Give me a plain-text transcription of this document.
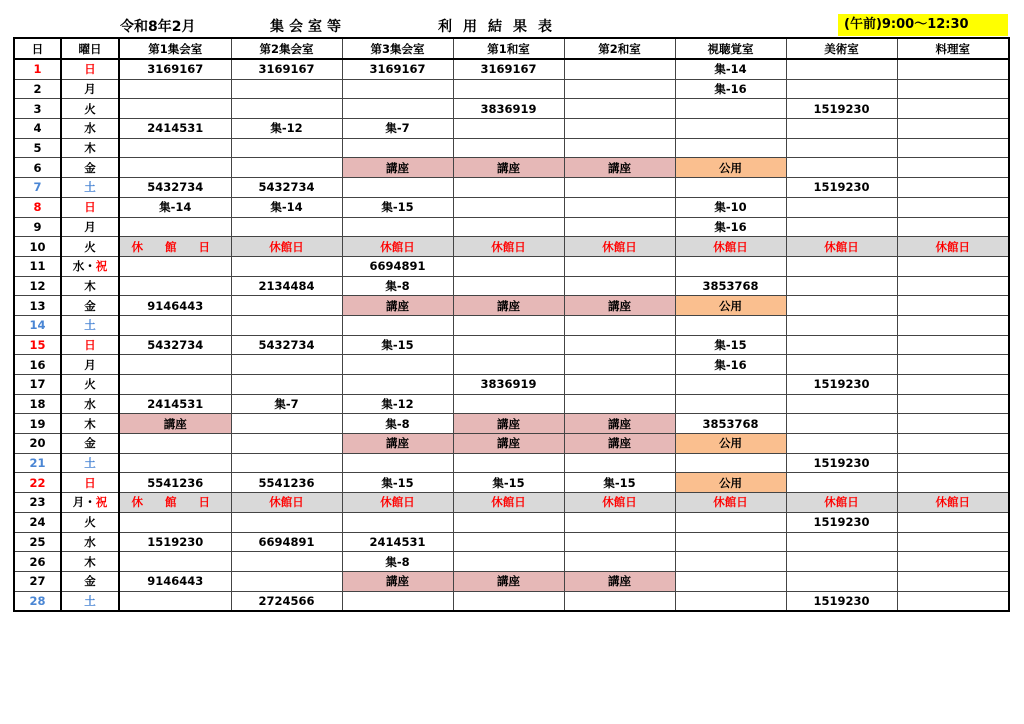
令和8年2月	集会室等	利用結果表	(午前)9:00～12:30
日	曜日	第1集会室	第2集会室	第3集会室	第1和室	第2和室	視聴覚室	美術室	料理室
1	日	3169167	3169167	3169167	3169167		集-14		
2	月						集-16		
3	火				3836919			1519230	
4	水	2414531	集-12	集-7					
5	木								
6	金			講座	講座	講座	公用		
7	土	5432734	5432734					1519230	
8	日	集-14	集-14	集-15			集-10		
9	月						集-16		
10	火	休 館 日	休館日	休館日	休館日	休館日	休館日	休館日	休館日
11	水・祝			6694891					
12	木		2134484	集-8			3853768		
13	金	9146443		講座	講座	講座	公用		
14	土								
15	日	5432734	5432734	集-15			集-15		
16	月						集-16		
17	火				3836919			1519230	
18	水	2414531	集-7	集-12					
19	木	講座		集-8	講座	講座	3853768		
20	金			講座	講座	講座	公用		
21	土							1519230	
22	日	5541236	5541236	集-15	集-15	集-15	公用		
23	月・祝	休 館 日	休館日	休館日	休館日	休館日	休館日	休館日	休館日
24	火							1519230	
25	水	1519230	6694891	2414531					
26	木			集-8					
27	金	9146443		講座	講座	講座			
28	土		2724566					1519230	
